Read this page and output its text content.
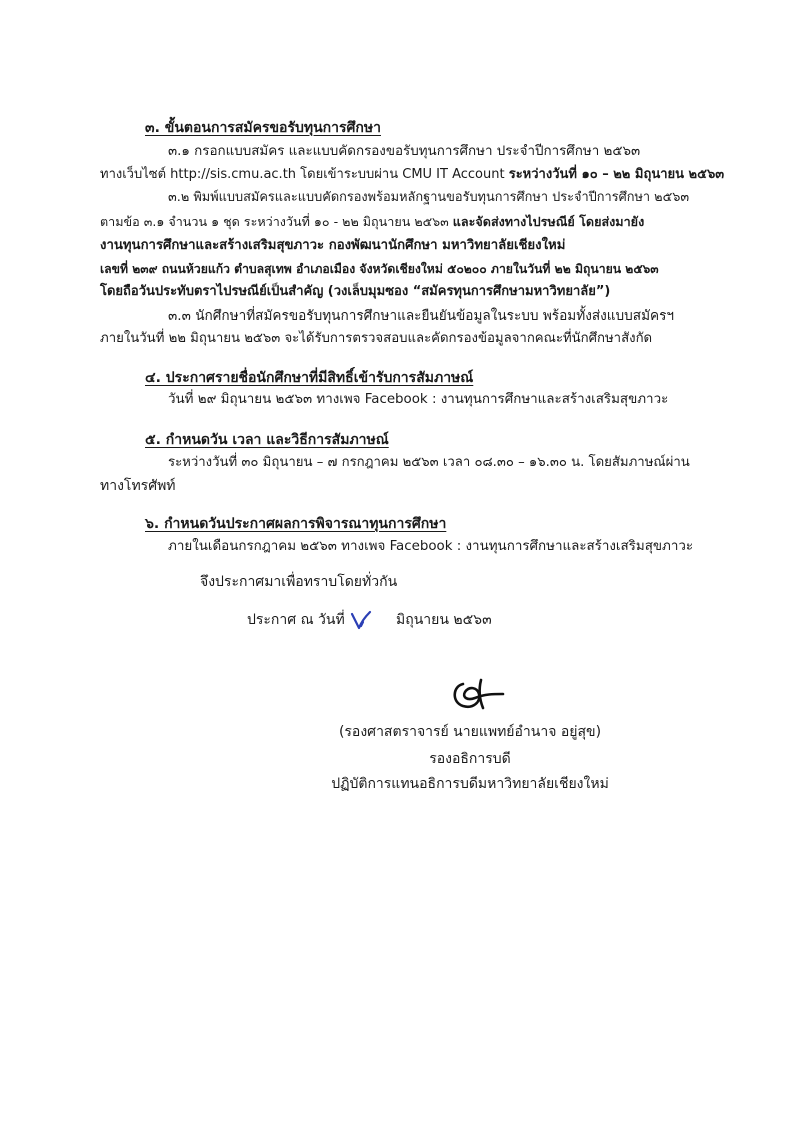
๓. ขั้นตอนการสมัครขอรับทุนการศึกษา
๓.๑ กรอกแบบสมัคร และแบบคัดกรองขอรับทุนการศึกษา ประจำปีการศึกษา ๒๕๖๓
ทางเว็บไซต์ http://sis.cmu.ac.th โดยเข้าระบบผ่าน CMU IT Account ระหว่างวันที่ ๑๐ – ๒๒ มิถุนายน ๒๕๖๓
๓.๒ พิมพ์แบบสมัครและแบบคัดกรองพร้อมหลักฐานขอรับทุนการศึกษา ประจำปีการศึกษา ๒๕๖๓
ตามข้อ ๓.๑ จำนวน ๑ ชุด ระหว่างวันที่ ๑๐ - ๒๒ มิถุนายน ๒๕๖๓ และจัดส่งทางไปรษณีย์ โดยส่งมายัง
งานทุนการศึกษาและสร้างเสริมสุขภาวะ กองพัฒนานักศึกษา มหาวิทยาลัยเชียงใหม่
เลขที่ ๒๓๙ ถนนห้วยแก้ว ตำบลสุเทพ อำเภอเมือง จังหวัดเชียงใหม่ ๕๐๒๐๐ ภายในวันที่ ๒๒ มิถุนายน ๒๕๖๓
โดยถือวันประทับตราไปรษณีย์เป็นสำคัญ (วงเล็บมุมซอง “สมัครทุนการศึกษามหาวิทยาลัย”)
๓.๓ นักศึกษาที่สมัครขอรับทุนการศึกษาและยืนยันข้อมูลในระบบ พร้อมทั้งส่งแบบสมัครฯ
ภายในวันที่ ๒๒ มิถุนายน ๒๕๖๓ จะได้รับการตรวจสอบและคัดกรองข้อมูลจากคณะที่นักศึกษาสังกัด
๔. ประกาศรายชื่อนักศึกษาที่มีสิทธิ์เข้ารับการสัมภาษณ์
วันที่ ๒๙ มิถุนายน ๒๕๖๓ ทางเพจ Facebook : งานทุนการศึกษาและสร้างเสริมสุขภาวะ
๕. กำหนดวัน เวลา และวิธีการสัมภาษณ์
ระหว่างวันที่ ๓๐ มิถุนายน – ๗ กรกฎาคม ๒๕๖๓ เวลา ๐๘.๓๐ – ๑๖.๓๐ น. โดยสัมภาษณ์ผ่าน
ทางโทรศัพท์
๖. กำหนดวันประกาศผลการพิจารณาทุนการศึกษา
ภายในเดือนกรกฎาคม ๒๕๖๓ ทางเพจ Facebook : งานทุนการศึกษาและสร้างเสริมสุขภาวะ
จึงประกาศมาเพื่อทราบโดยทั่วกัน
ประกาศ ณ วันที่	มิถุนายน ๒๕๖๓
(รองศาสตราจารย์ นายแพทย์อำนาจ อยู่สุข)
รองอธิการบดี
ปฏิบัติการแทนอธิการบดีมหาวิทยาลัยเชียงใหม่
